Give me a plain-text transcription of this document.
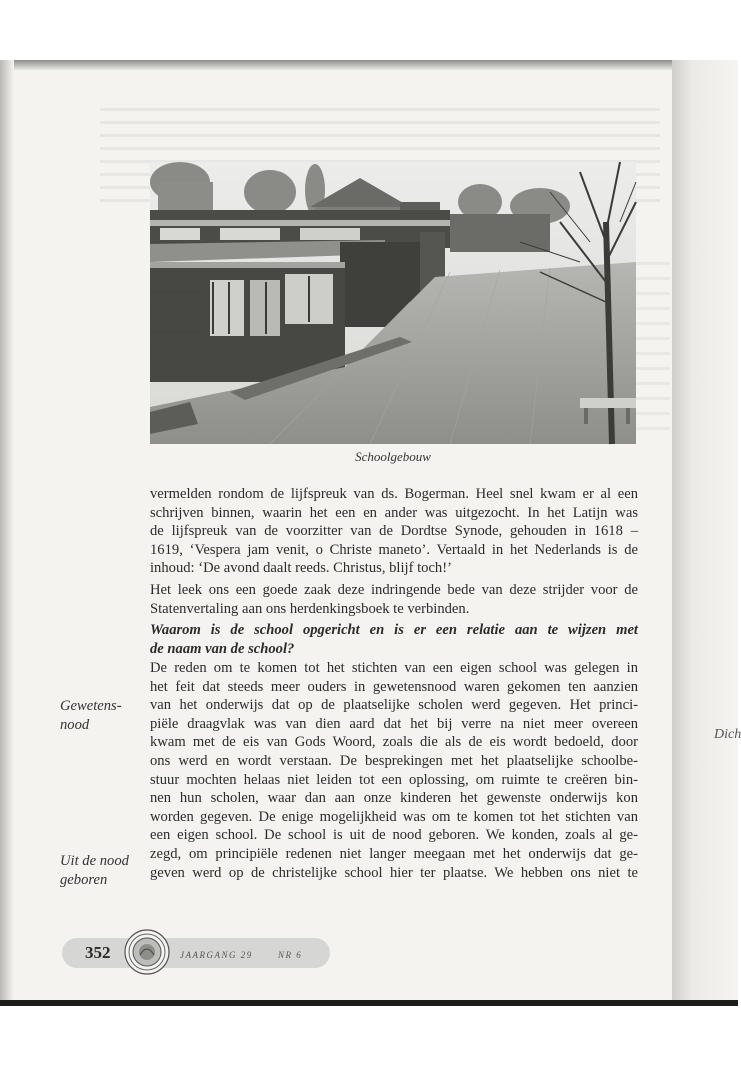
Dich
Schoolgebouw
vermelden rondom de lijfspreuk van ds. Bogerman. Heel snel kwam er al een
schrijven binnen, waarin het een en ander was uitgezocht. In het Latijn was
de lijfspreuk van de voorzitter van de Dordtse Synode, gehouden in 1618 –
1619, ‘Vespera jam venit, o Christe maneto’. Vertaald in het Nederlands is de
inhoud: ‘De avond daalt reeds. Christus, blijf toch!’
Het leek ons een goede zaak deze indringende bede van deze strijder voor de
Statenvertaling aan ons herdenkingsboek te verbinden.
Waarom is de school opgericht en is er een relatie aan te wijzen met
de naam van de school?
De reden om te komen tot het stichten van een eigen school was gelegen in
het feit dat steeds meer ouders in gewetensnood waren gekomen ten aanzien
van het onderwijs dat op de plaatselijke scholen werd gegeven. Het princi-
piële draagvlak was van dien aard dat het bij verre na niet meer overeen
kwam met de eis van Gods Woord, zoals die als de eis wordt bedoeld, door
ons werd en wordt verstaan. De besprekingen met het plaatselijke schoolbe-
stuur mochten helaas niet leiden tot een oplossing, om ruimte te creëren bin-
nen hun scholen, waar dan aan onze kinderen het gewenste onderwijs kon
worden gegeven. De enige mogelijkheid was om te komen tot het stichten van
een eigen school. De school is uit de nood geboren. We konden, zoals al ge-
zegd, om principiële redenen niet langer meegaan met het onderwijs dat ge-
geven werd op de christelijke school hier ter plaatse. We hebben ons niet te
Gewetens-
nood
Uit de nood
geboren
352	JAARGANG 29	NR 6
